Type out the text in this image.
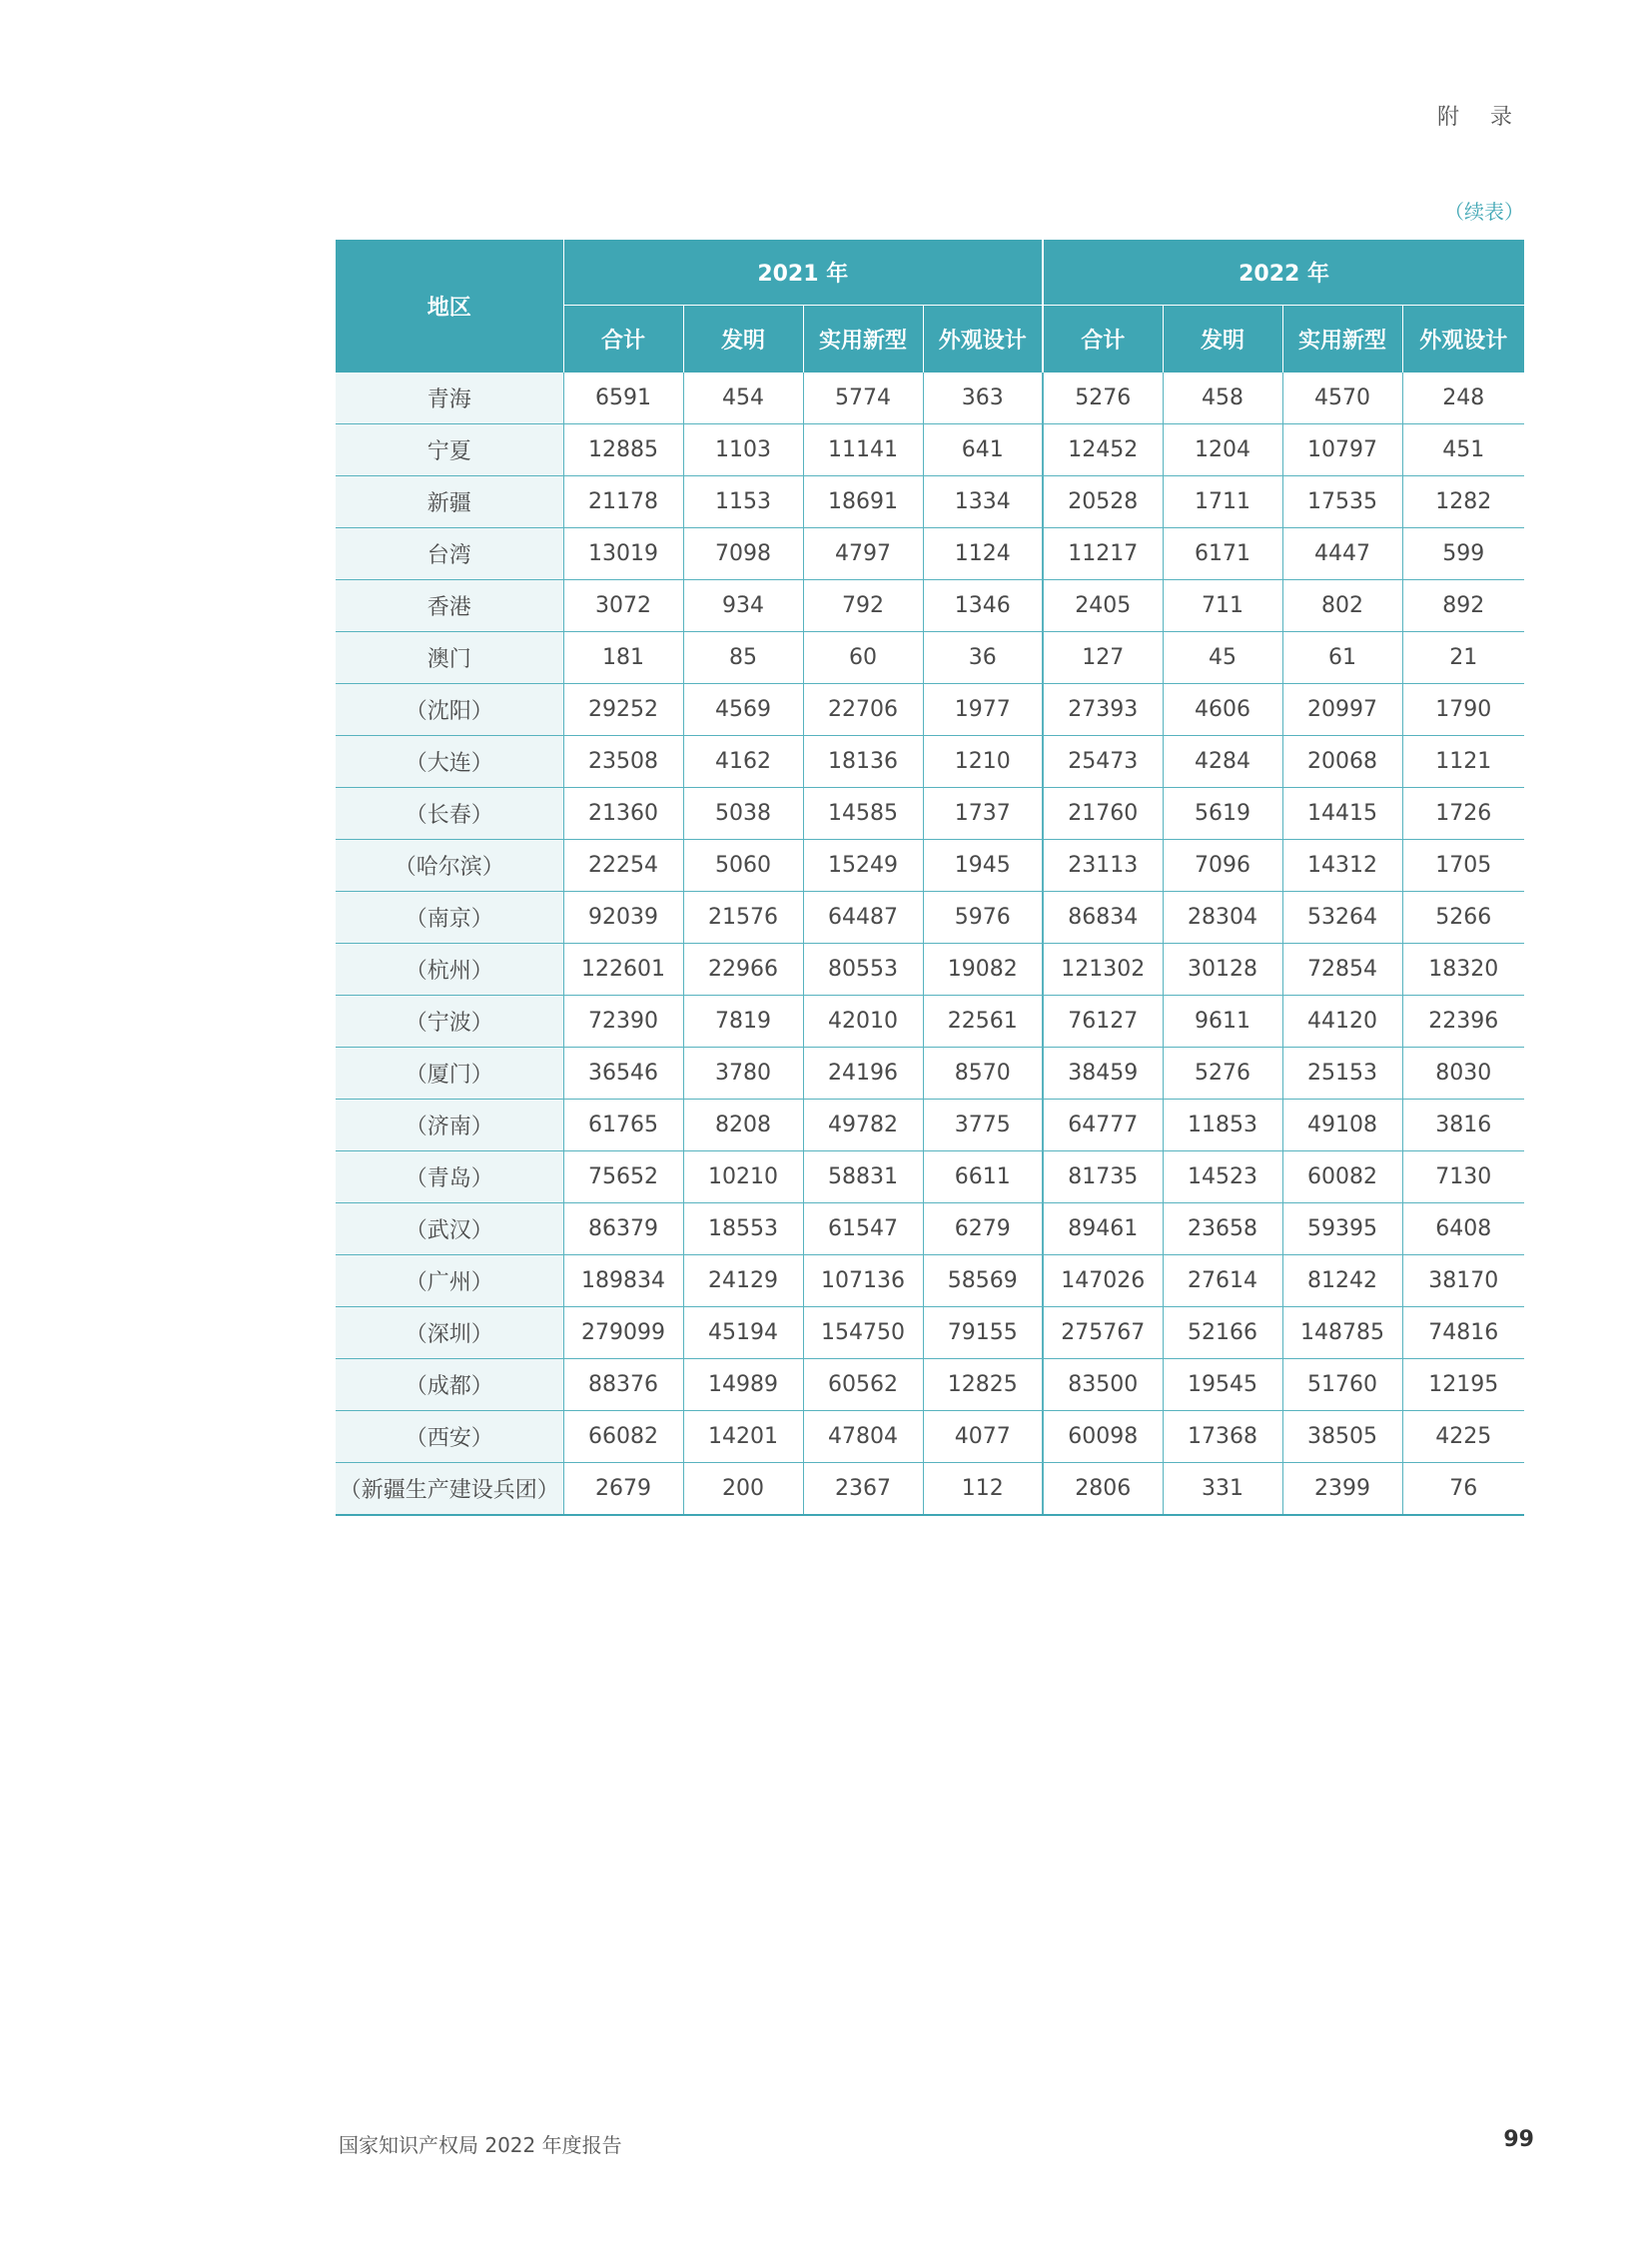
附 录
（续表）
地区	2021 年				2022 年			
	合计	发明	实用新型	外观设计	合计	发明	实用新型	外观设计
青海	6591	454	5774	363	5276	458	4570	248
宁夏	12885	1103	11141	641	12452	1204	10797	451
新疆	21178	1153	18691	1334	20528	1711	17535	1282
台湾	13019	7098	4797	1124	11217	6171	4447	599
香港	3072	934	792	1346	2405	711	802	892
澳门	181	85	60	36	127	45	61	21
（沈阳）	29252	4569	22706	1977	27393	4606	20997	1790
（大连）	23508	4162	18136	1210	25473	4284	20068	1121
（长春）	21360	5038	14585	1737	21760	5619	14415	1726
（哈尔滨）	22254	5060	15249	1945	23113	7096	14312	1705
（南京）	92039	21576	64487	5976	86834	28304	53264	5266
（杭州）	122601	22966	80553	19082	121302	30128	72854	18320
（宁波）	72390	7819	42010	22561	76127	9611	44120	22396
（厦门）	36546	3780	24196	8570	38459	5276	25153	8030
（济南）	61765	8208	49782	3775	64777	11853	49108	3816
（青岛）	75652	10210	58831	6611	81735	14523	60082	7130
（武汉）	86379	18553	61547	6279	89461	23658	59395	6408
（广州）	189834	24129	107136	58569	147026	27614	81242	38170
（深圳）	279099	45194	154750	79155	275767	52166	148785	74816
（成都）	88376	14989	60562	12825	83500	19545	51760	12195
（西安）	66082	14201	47804	4077	60098	17368	38505	4225
（新疆生产建设兵团）	2679	200	2367	112	2806	331	2399	76
国家知识产权局 2022 年度报告	99
